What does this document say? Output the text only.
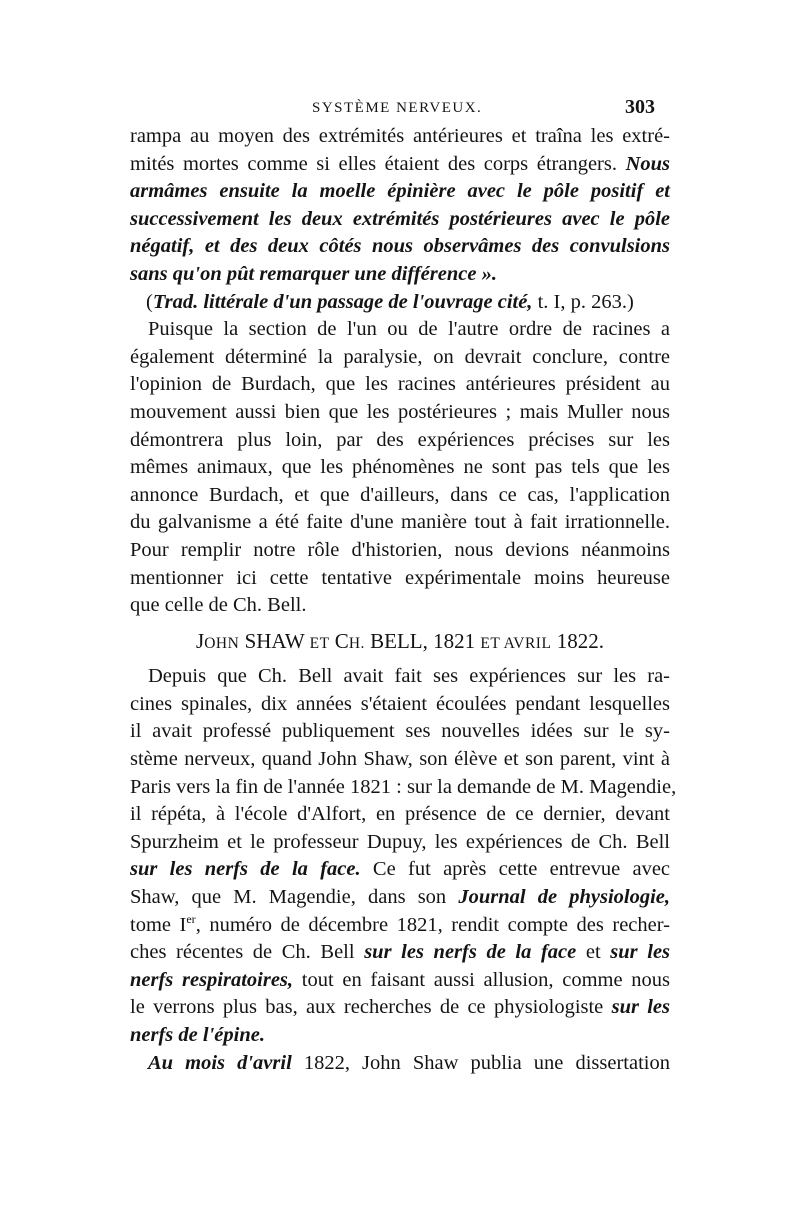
SYSTÈME NERVEUX.	303
rampa au moyen des extrémités antérieures et traîna les extré-
mités mortes comme si elles étaient des corps étrangers. Nous
armâmes ensuite la moelle épinière avec le pôle positif et
successivement les deux extrémités postérieures avec le pôle
négatif, et des deux côtés nous observâmes des convulsions
sans qu'on pût remarquer une différence ».
(Trad. littérale d'un passage de l'ouvrage cité, t. I, p. 263.)
Puisque la section de l'un ou de l'autre ordre de racines a
également déterminé la paralysie, on devrait conclure, contre
l'opinion de Burdach, que les racines antérieures président au
mouvement aussi bien que les postérieures ; mais Muller nous
démontrera plus loin, par des expériences précises sur les
mêmes animaux, que les phénomènes ne sont pas tels que les
annonce Burdach, et que d'ailleurs, dans ce cas, l'application
du galvanisme a été faite d'une manière tout à fait irrationnelle.
Pour remplir notre rôle d'historien, nous devions néanmoins
mentionner ici cette tentative expérimentale moins heureuse
que celle de Ch. Bell.
JOHN SHAW ET CH. BELL, 1821 ET AVRIL 1822.
Depuis que Ch. Bell avait fait ses expériences sur les ra-
cines spinales, dix années s'étaient écoulées pendant lesquelles
il avait professé publiquement ses nouvelles idées sur le sy-
stème nerveux, quand John Shaw, son élève et son parent, vint à
Paris vers la fin de l'année 1821 : sur la demande de M. Magendie,
il répéta, à l'école d'Alfort, en présence de ce dernier, devant
Spurzheim et le professeur Dupuy, les expériences de Ch. Bell
sur les nerfs de la face. Ce fut après cette entrevue avec
Shaw, que M. Magendie, dans son Journal de physiologie,
tome Ier, numéro de décembre 1821, rendit compte des recher-
ches récentes de Ch. Bell sur les nerfs de la face et sur les
nerfs respiratoires, tout en faisant aussi allusion, comme nous
le verrons plus bas, aux recherches de ce physiologiste sur les
nerfs de l'épine.
Au mois d'avril 1822, John Shaw publia une dissertation
